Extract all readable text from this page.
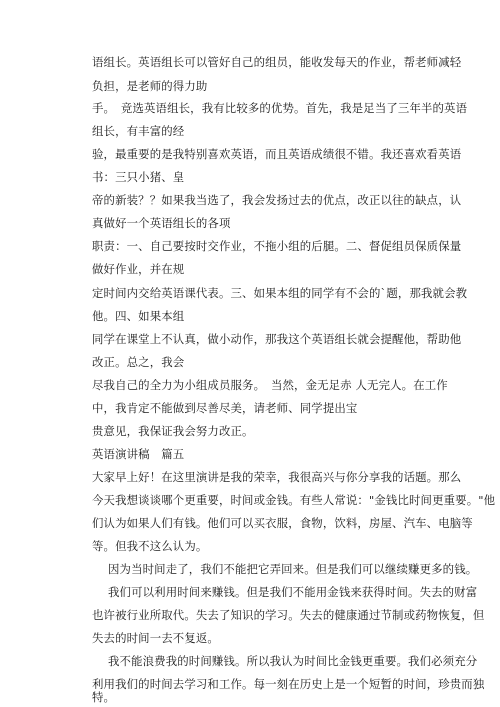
语组长。英语组长可以管好自己的组员，能收发每天的作业，帮老师减轻
负担，是老师的得力助
手。　竞选英语组长，我有比较多的优势。首先，我是足当了三年半的英语
组长，有丰富的经
验，最重要的是我特别喜欢英语，而且英语成绩很不错。我还喜欢看英语
书：三只小猪、皇
帝的新装？？如果我当选了，我会发扬过去的优点，改正以往的缺点，认
真做好一个英语组长的各项
职责：一、自己要按时交作业，不拖小组的后腿。二、督促组员保质保量
做好作业，并在规
定时间内交给英语课代表。三、如果本组的同学有不会的`题，那我就会教
他。四、如果本组
同学在课堂上不认真，做小动作，那我这个英语组长就会提醒他，帮助他
改正。总之，我会
尽我自己的全力为小组成员服务。　当然，金无足赤 人无完人。在工作
中，我肯定不能做到尽善尽美，请老师、同学提出宝
贵意见，我保证我会努力改正。
英语演讲稿　篇五
大家早上好！在这里演讲是我的荣幸，我很高兴与你分享我的话题。那么
今天我想谈谈哪个更重要，时间或金钱。有些人常说："金钱比时间更重要。"他
们认为如果人们有钱。他们可以买衣服，食物，饮料，房屋、汽车、电脑等
等。但我不这么认为。
因为当时间走了，我们不能把它弄回来。但是我们可以继续赚更多的钱。
我们可以利用时间来赚钱。但是我们不能用金钱来获得时间。失去的财富
也许被行业所取代。失去了知识的学习。失去的健康通过节制或药物恢复，但
失去的时间一去不复返。
我不能浪费我的时间赚钱。所以我认为时间比金钱更重要。我们必须充分
利用我们的时间去学习和工作。每一刻在历史上是一个短暂的时间，珍贵而独
特。
